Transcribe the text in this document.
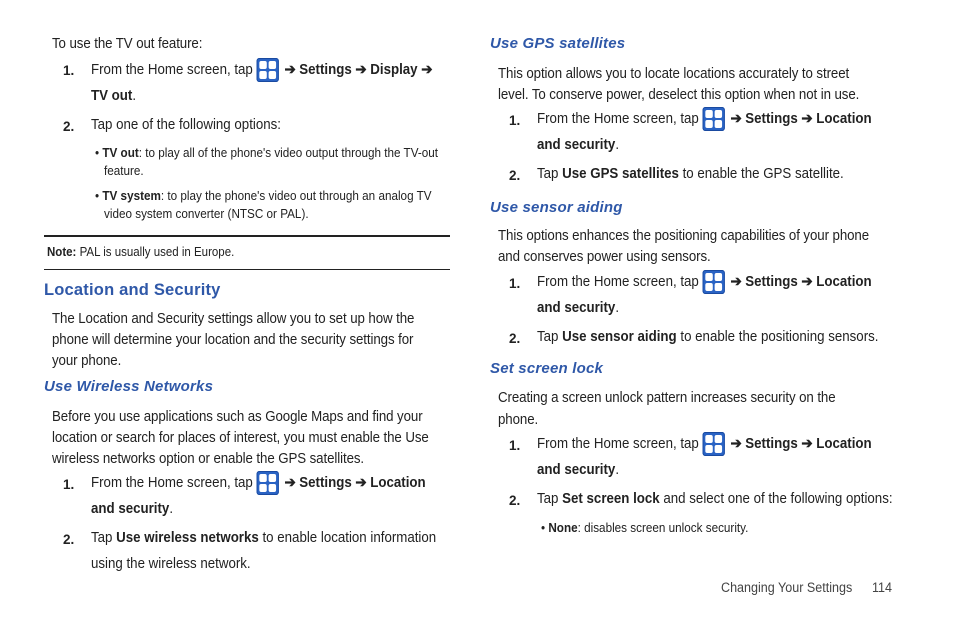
To use the TV out feature:
1. From the Home screen, tap ➔ Settings ➔ Display ➔
TV out.
2. Tap one of the following options:
• TV out: to play all of the phone's video output through the TV-out
feature.
• TV system: to play the phone's video out through an analog TV
video system converter (NTSC or PAL).
Note: PAL is usually used in Europe.
Location and Security
The Location and Security settings allow you to set up how the
phone will determine your location and the security settings for
your phone.
Use Wireless Networks
Before you use applications such as Google Maps and find your
location or search for places of interest, you must enable the Use
wireless networks option or enable the GPS satellites.
1. From the Home screen, tap ➔ Settings ➔ Location
and security.
2. Tap Use wireless networks to enable location information
using the wireless network.
Use GPS satellites
This option allows you to locate locations accurately to street
level. To conserve power, deselect this option when not in use.
1. From the Home screen, tap ➔ Settings ➔ Location
and security.
2. Tap Use GPS satellites to enable the GPS satellite.
Use sensor aiding
This options enhances the positioning capabilities of your phone
and conserves power using sensors.
1. From the Home screen, tap ➔ Settings ➔ Location
and security.
2. Tap Use sensor aiding to enable the positioning sensors.
Set screen lock
Creating a screen unlock pattern increases security on the
phone.
1. From the Home screen, tap ➔ Settings ➔ Location
and security.
2. Tap Set screen lock and select one of the following options:
• None: disables screen unlock security.
Changing Your Settings 114
